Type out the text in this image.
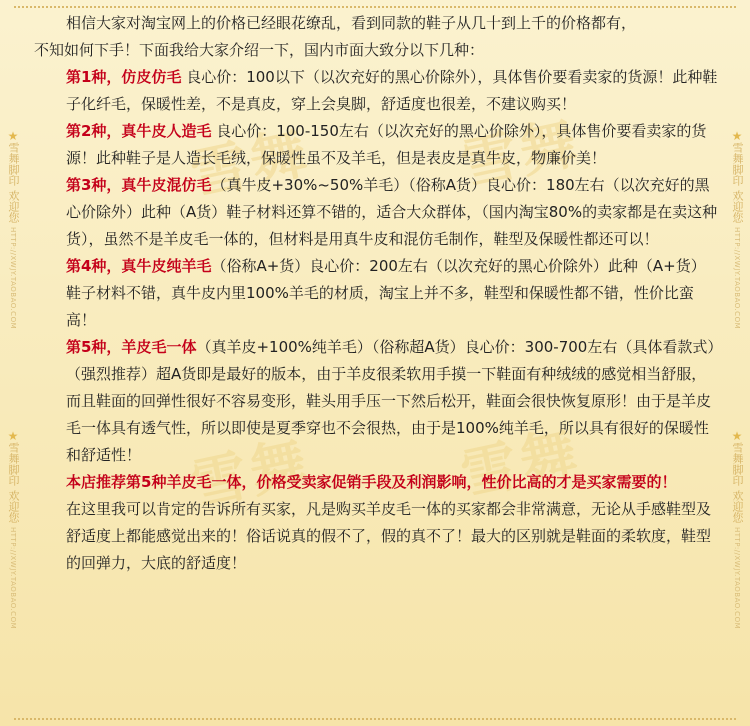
雪舞 雪舞
雪舞 雪舞
★
雪舞脚印
欢迎您
HTTP://XWJY.TAOBAO.COM
★
雪舞脚印
欢迎您
HTTP://XWJY.TAOBAO.COM
★
雪舞脚印
欢迎您
HTTP://XWJY.TAOBAO.COM
★
雪舞脚印
欢迎您
HTTP://XWJY.TAOBAO.COM

相信大家对淘宝网上的价格已经眼花缭乱，看到同款的鞋子从几十到上千的价格都有，

不知如何下手！下面我给大家介绍一下，国内市面大致分以下几种：

第1种，仿皮仿毛 良心价：100以下（以次充好的黑心价除外），具体售价要看卖家的货源！此种鞋子化纤毛，保暖性差，不是真皮，穿上会臭脚，舒适度也很差，不建议购买！

第2种，真牛皮人造毛 良心价：100-150左右（以次充好的黑心价除外），具体售价要看卖家的货源！此种鞋子是人造长毛绒，保暖性虽不及羊毛，但是表皮是真牛皮，物廉价美！

第3种，真牛皮混仿毛（真牛皮+30%~50%羊毛）（俗称A货）良心价：180左右（以次充好的黑心价除外）此种（A货）鞋子材料还算不错的，适合大众群体，（国内淘宝80%的卖家都是在卖这种货），虽然不是羊皮毛一体的，但材料是用真牛皮和混仿毛制作，鞋型及保暖性都还可以！

第4种，真牛皮纯羊毛（俗称A+货）良心价：200左右（以次充好的黑心价除外）此种（A+货）鞋子材料不错，真牛皮内里100%羊毛的材质，淘宝上并不多，鞋型和保暖性都不错，性价比蛮高！

第5种，羊皮毛一体（真羊皮+100%纯羊毛）（俗称超A货）良心价：300-700左右（具体看款式）（强烈推荐）超A货即是最好的版本，由于羊皮很柔软用手摸一下鞋面有种绒绒的感觉相当舒服，而且鞋面的回弹性很好不容易变形，鞋头用手压一下然后松开，鞋面会很快恢复原形！由于是羊皮毛一体具有透气性，所以即使是夏季穿也不会很热，由于是100%纯羊毛，所以具有很好的保暖性和舒适性！

本店推荐第5种羊皮毛一体，价格受卖家促销手段及利润影响，性价比高的才是买家需要的！

在这里我可以肯定的告诉所有买家，凡是购买羊皮毛一体的买家都会非常满意，无论从手感鞋型及舒适度上都能感觉出来的！俗话说真的假不了，假的真不了！最大的区别就是鞋面的柔软度，鞋型的回弹力，大底的舒适度！
